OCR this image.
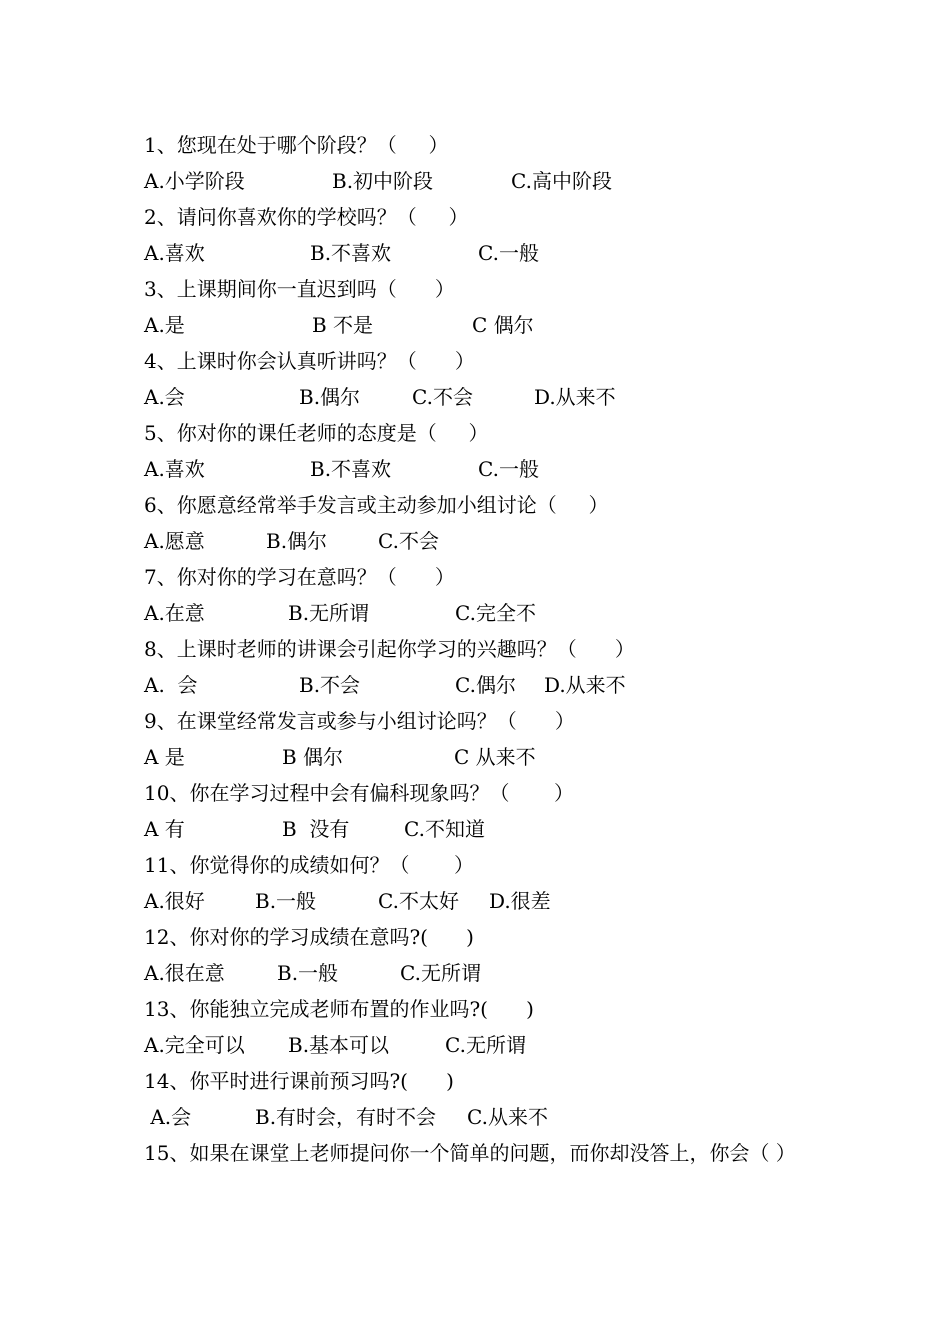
1、您现在处于哪个阶段？（     ）
A.小学阶段	B.初中阶段	C.高中阶段
2、请问你喜欢你的学校吗？（     ）
A.喜欢	B.不喜欢	C.一般
3、上课期间你一直迟到吗（      ）
A.是	B 不是	C 偶尔
4、上课时你会认真听讲吗？（      ）
A.会	B.偶尔	C.不会	D.从来不
5、你对你的课任老师的态度是（     ）
A.喜欢	B.不喜欢	C.一般
6、你愿意经常举手发言或主动参加小组讨论（     ）
A.愿意	B.偶尔	C.不会
7、你对你的学习在意吗？（      ）
A.在意	B.无所谓	C.完全不
8、上课时老师的讲课会引起你学习的兴趣吗？（      ）
A.  会	B.不会	C.偶尔	D.从来不
9、在课堂经常发言或参与小组讨论吗？（      ）
A 是	B 偶尔	C 从来不
10、你在学习过程中会有偏科现象吗？（       ）
A 有	B  没有	C.不知道
11、你觉得你的成绩如何？（       ）
A.很好	B.一般	C.不太好	D.很差
12、你对你的学习成绩在意吗?(      )
A.很在意	B.一般	C.无所谓
13、你能独立完成老师布置的作业吗?(      )
A.完全可以	B.基本可以	C.无所谓
14、你平时进行课前预习吗?(      )
A.会	B.有时会，有时不会	C.从来不
15、如果在课堂上老师提问你一个简单的问题，而你却没答上，你会（ ）
